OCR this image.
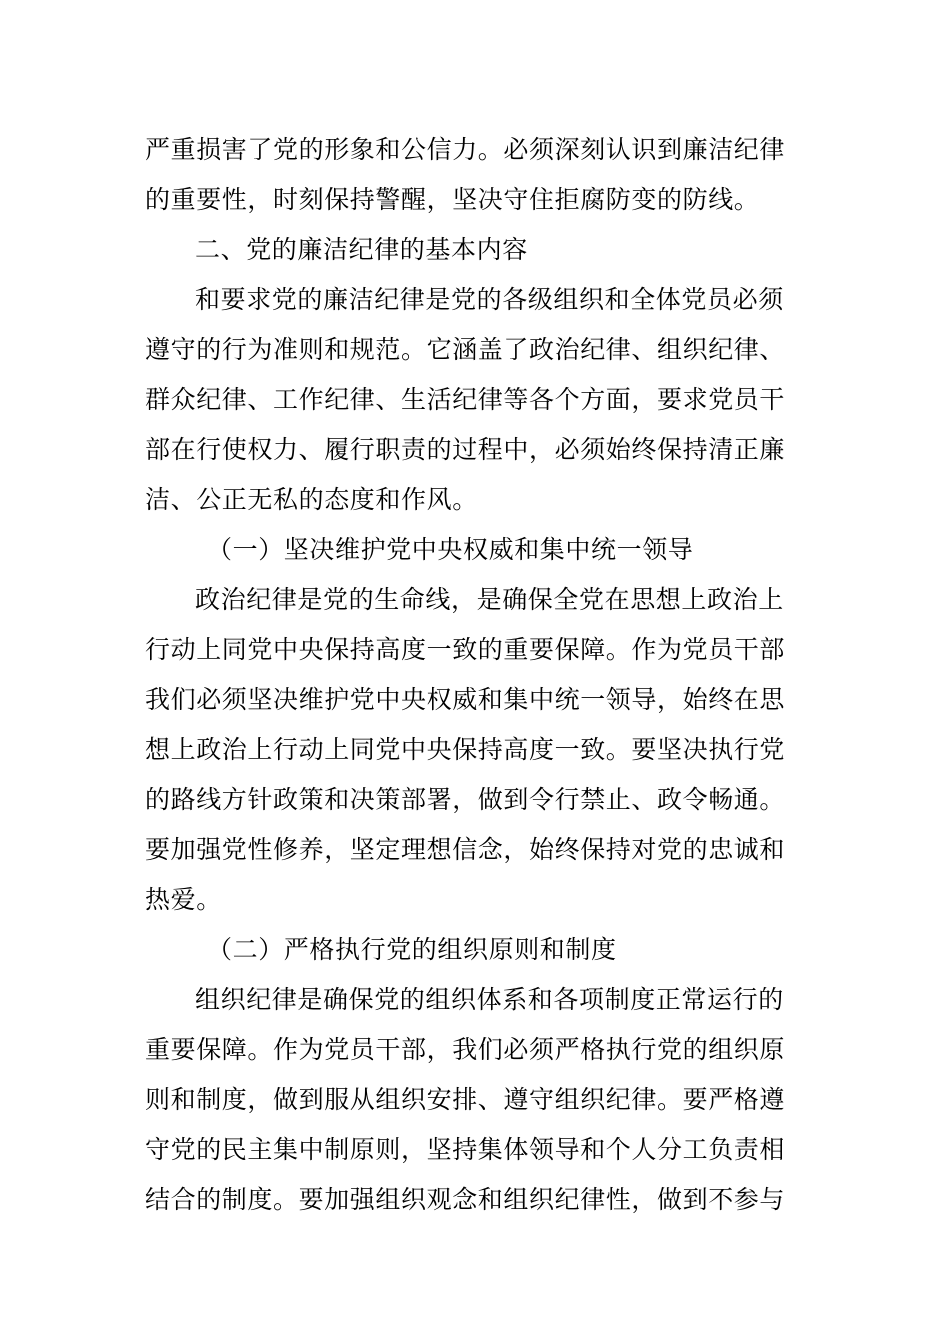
严重损害了党的形象和公信力。必须深刻认识到廉洁纪律
的重要性，时刻保持警醒，坚决守住拒腐防变的防线。
二、党的廉洁纪律的基本内容
和要求党的廉洁纪律是党的各级组织和全体党员必须
遵守的行为准则和规范。它涵盖了政治纪律、组织纪律、
群众纪律、工作纪律、生活纪律等各个方面，要求党员干
部在行使权力、履行职责的过程中，必须始终保持清正廉
洁、公正无私的态度和作风。
（一）坚决维护党中央权威和集中统一领导
政治纪律是党的生命线，是确保全党在思想上政治上
行动上同党中央保持高度一致的重要保障。作为党员干部
我们必须坚决维护党中央权威和集中统一领导，始终在思
想上政治上行动上同党中央保持高度一致。要坚决执行党
的路线方针政策和决策部署，做到令行禁止、政令畅通。
要加强党性修养，坚定理想信念，始终保持对党的忠诚和
热爱。
（二）严格执行党的组织原则和制度
组织纪律是确保党的组织体系和各项制度正常运行的
重要保障。作为党员干部，我们必须严格执行党的组织原
则和制度，做到服从组织安排、遵守组织纪律。要严格遵
守党的民主集中制原则，坚持集体领导和个人分工负责相
结合的制度。要加强组织观念和组织纪律性，做到不参与
